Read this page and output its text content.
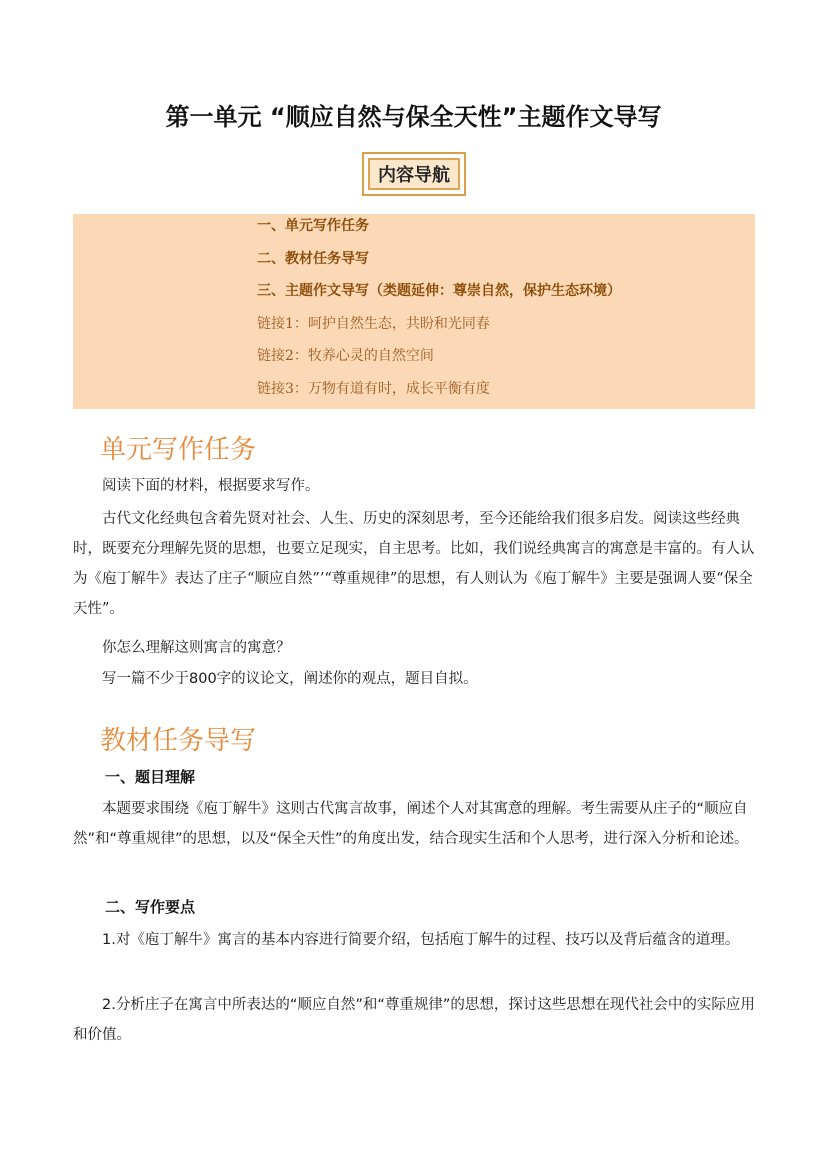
第一单元 “顺应自然与保全天性”主题作文导写
内容导航
一、单元写作任务
二、教材任务导写
三、主题作文导写（类题延伸：尊崇自然，保护生态环境）
链接1：呵护自然生态，共盼和光同春
链接2：牧养心灵的自然空间
链接3：万物有道有时，成长平衡有度
单元写作任务
阅读下面的材料，根据要求写作。
古代文化经典包含着先贤对社会、人生、历史的深刻思考，至今还能给我们很多启发。阅读这些经典时，既要充分理解先贤的思想，也要立足现实，自主思考。比如，我们说经典寓言的寓意是丰富的。有人认为《庖丁解牛》表达了庄子“顺应自然”’“尊重规律”的思想，有人则认为《庖丁解牛》主要是强调人要“保全天性”。
你怎么理解这则寓言的寓意？
写一篇不少于800字的议论文，阐述你的观点，题目自拟。
教材任务导写
一、题目理解
本题要求围绕《庖丁解牛》这则古代寓言故事，阐述个人对其寓意的理解。考生需要从庄子的“顺应自然”和“尊重规律”的思想，以及“保全天性”的角度出发，结合现实生活和个人思考，进行深入分析和论述。
二、写作要点
1.对《庖丁解牛》寓言的基本内容进行简要介绍，包括庖丁解牛的过程、技巧以及背后蕴含的道理。
2.分析庄子在寓言中所表达的“顺应自然”和“尊重规律”的思想，探讨这些思想在现代社会中的实际应用和价值。
